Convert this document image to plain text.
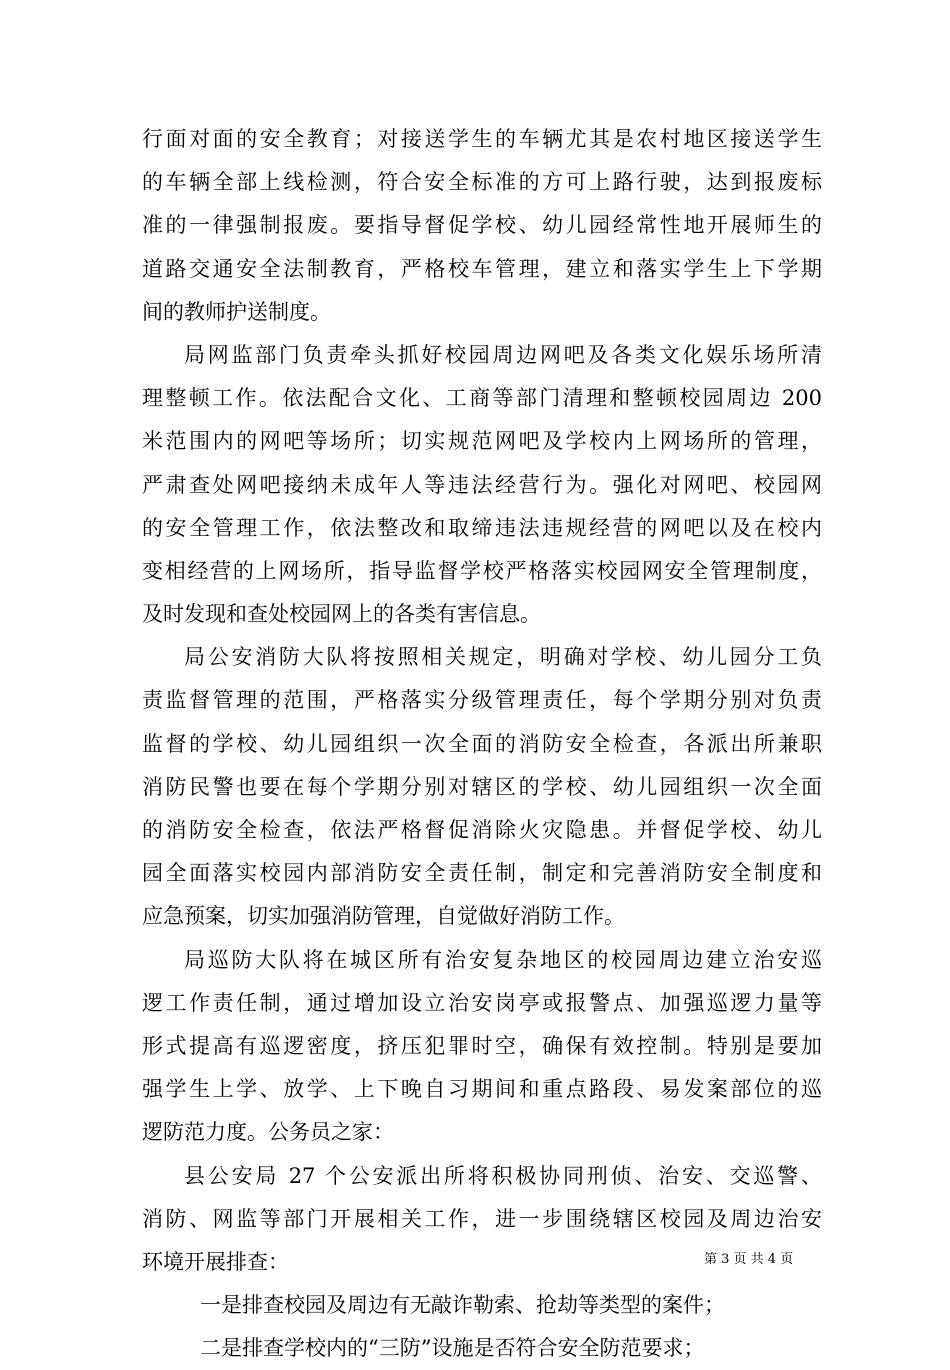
行面对面的安全教育；对接送学生的车辆尤其是农村地区接送学生
的车辆全部上线检测，符合安全标准的方可上路行驶，达到报废标
准的一律强制报废。要指导督促学校、幼儿园经常性地开展师生的
道路交通安全法制教育，严格校车管理，建立和落实学生上下学期
间的教师护送制度。
局网监部门负责牵头抓好校园周边网吧及各类文化娱乐场所清
理整顿工作。依法配合文化、工商等部门清理和整顿校园周边 200
米范围内的网吧等场所；切实规范网吧及学校内上网场所的管理，
严肃查处网吧接纳未成年人等违法经营行为。强化对网吧、校园网
的安全管理工作，依法整改和取缔违法违规经营的网吧以及在校内
变相经营的上网场所，指导监督学校严格落实校园网安全管理制度，
及时发现和查处校园网上的各类有害信息。
局公安消防大队将按照相关规定，明确对学校、幼儿园分工负
责监督管理的范围，严格落实分级管理责任，每个学期分别对负责
监督的学校、幼儿园组织一次全面的消防安全检查，各派出所兼职
消防民警也要在每个学期分别对辖区的学校、幼儿园组织一次全面
的消防安全检查，依法严格督促消除火灾隐患。并督促学校、幼儿
园全面落实校园内部消防安全责任制，制定和完善消防安全制度和
应急预案，切实加强消防管理，自觉做好消防工作。
局巡防大队将在城区所有治安复杂地区的校园周边建立治安巡
逻工作责任制，通过增加设立治安岗亭或报警点、加强巡逻力量等
形式提高有巡逻密度，挤压犯罪时空，确保有效控制。特别是要加
强学生上学、放学、上下晚自习期间和重点路段、易发案部位的巡
逻防范力度。公务员之家：
县公安局 27 个公安派出所将积极协同刑侦、治安、交巡警、
消防、网监等部门开展相关工作，进一步围绕辖区校园及周边治安
环境开展排查：
一是排查校园及周边有无敲诈勒索、抢劫等类型的案件；
二是排查学校内的“三防”设施是否符合安全防范要求；
第 3 页 共 4 页
